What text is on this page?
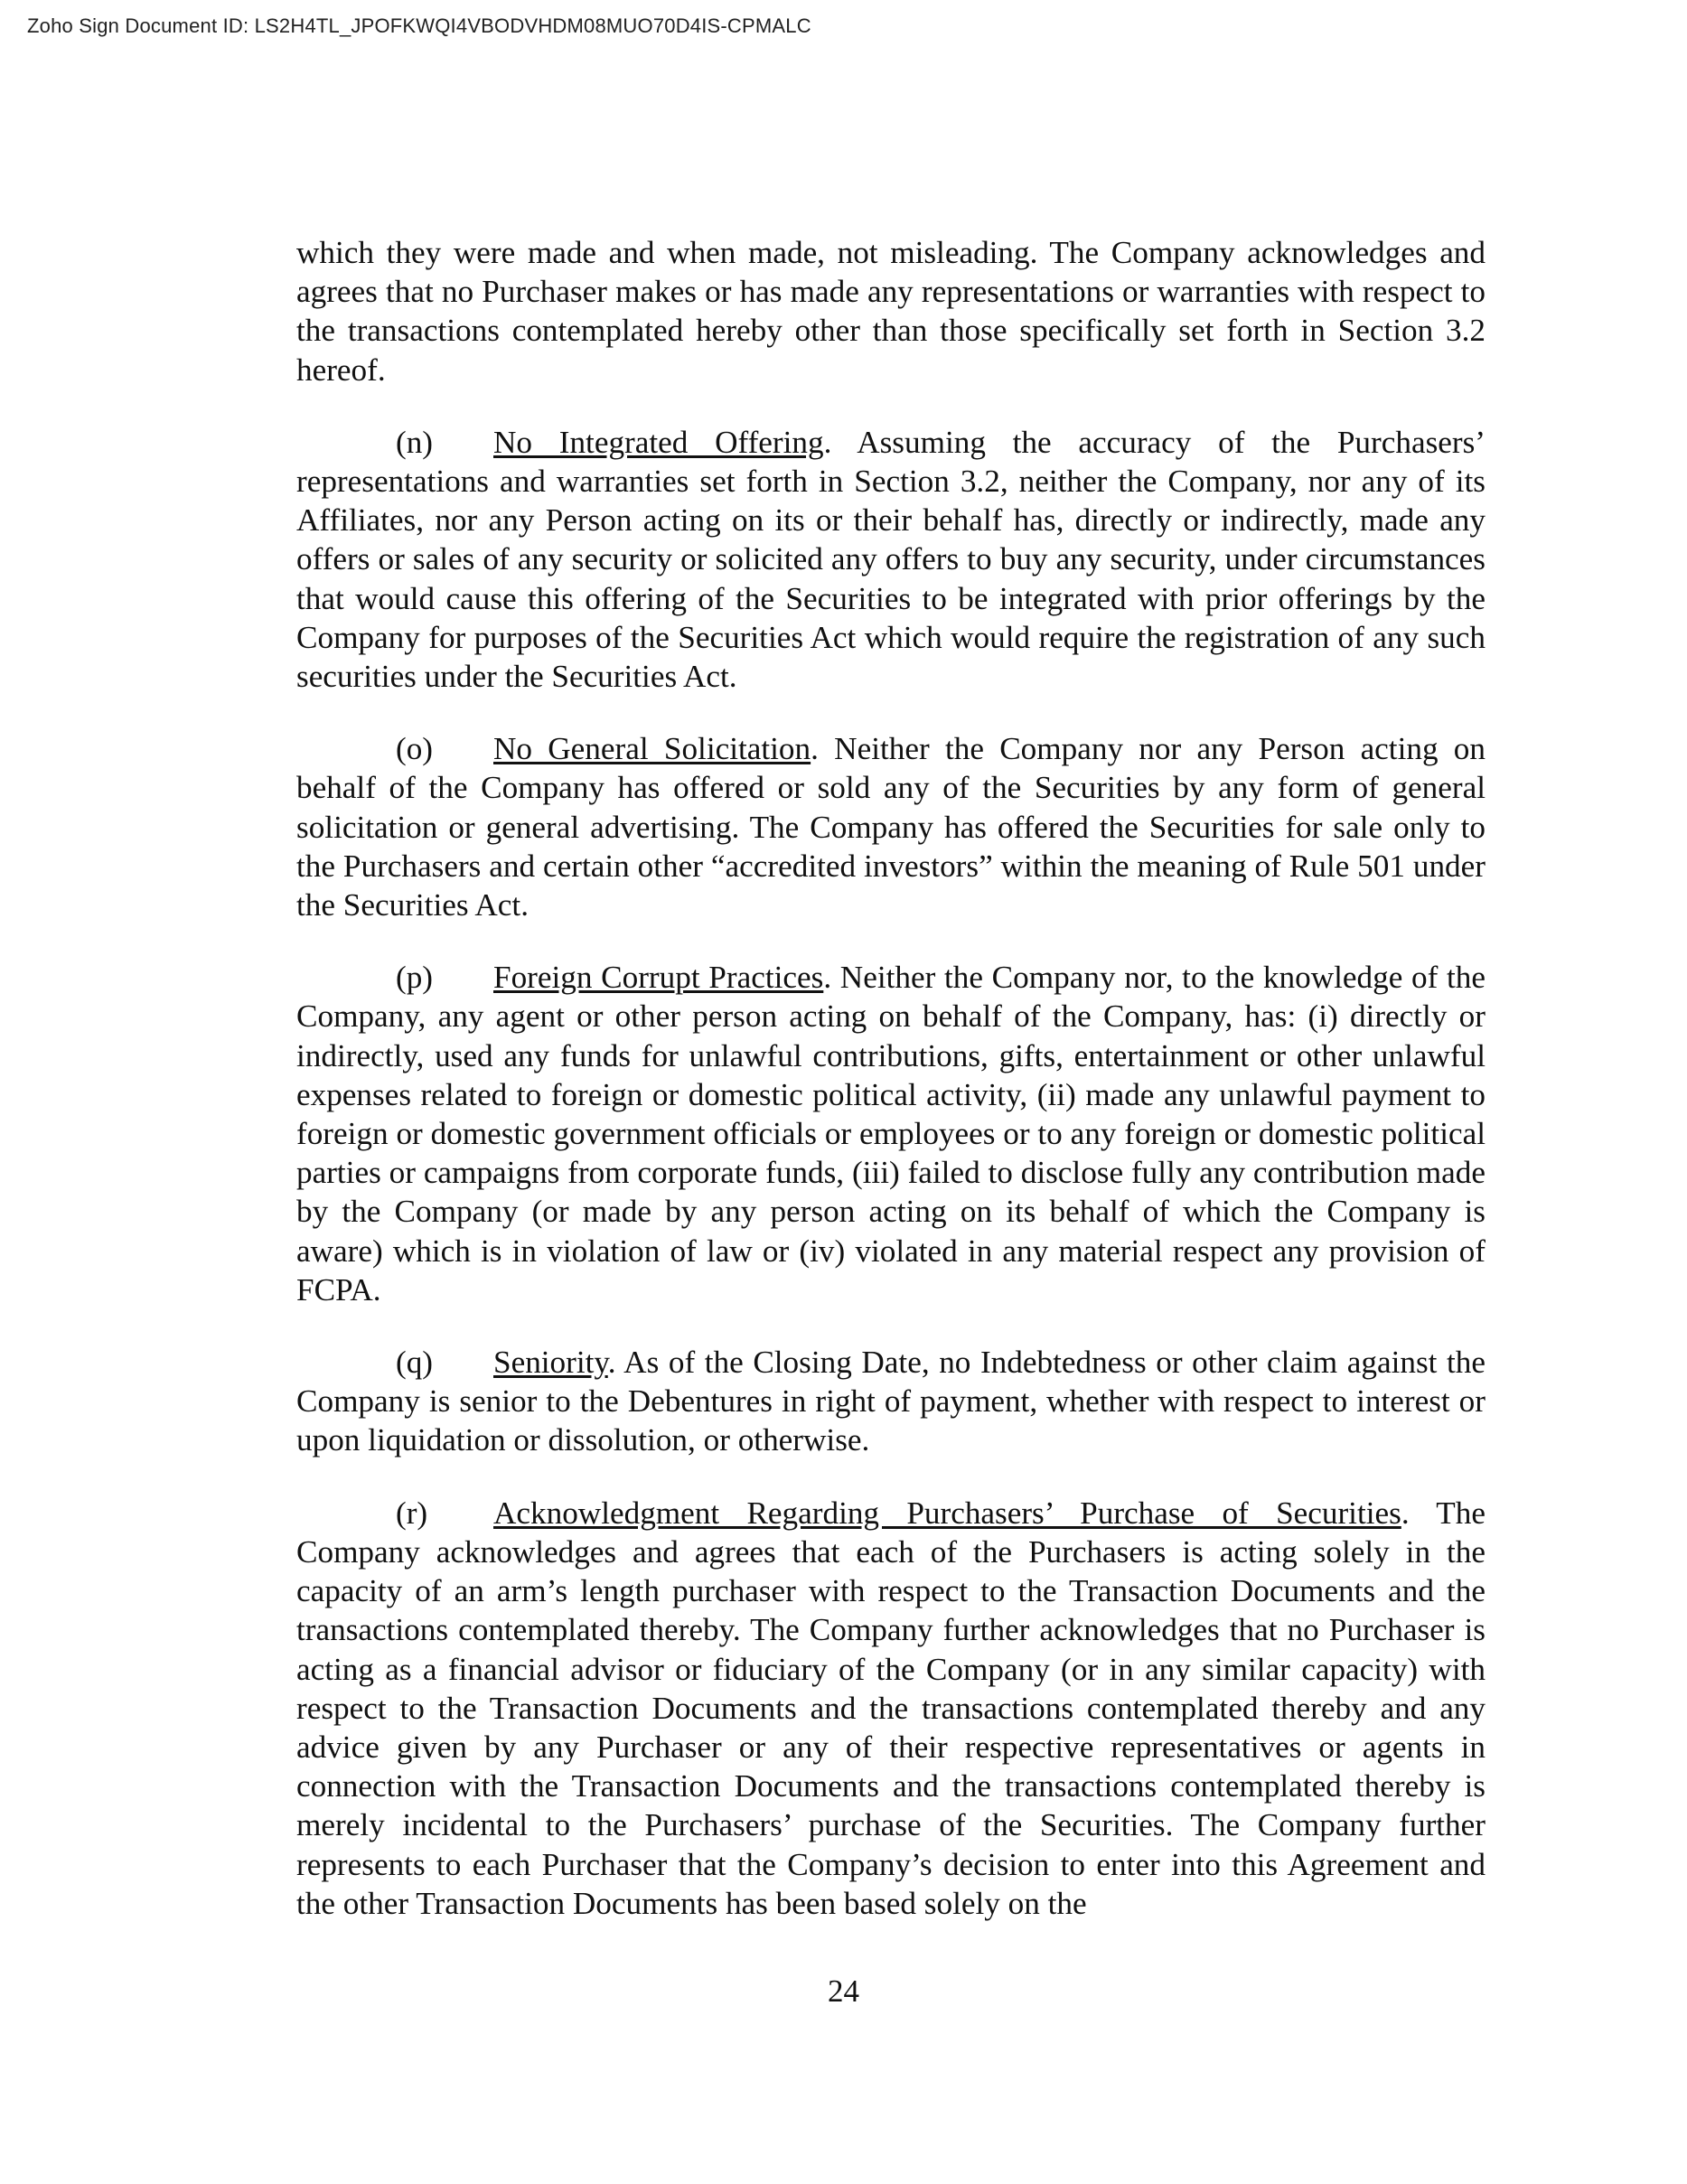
Zoho Sign Document ID: LS2H4TL_JPOFKWQI4VBODVHDM08MUO70D4IS-CPMALC

which they were made and when made, not misleading. The Company acknowledges and agrees that no Purchaser makes or has made any representations or warranties with respect to the transactions contemplated hereby other than those specifically set forth in Section 3.2 hereof.

(n) No Integrated Offering. Assuming the accuracy of the Purchasers’ representations and warranties set forth in Section 3.2, neither the Company, nor any of its Affiliates, nor any Person acting on its or their behalf has, directly or indirectly, made any offers or sales of any security or solicited any offers to buy any security, under circumstances that would cause this offering of the Securities to be integrated with prior offerings by the Company for purposes of the Securities Act which would require the registration of any such securities under the Securities Act.

(o) No General Solicitation. Neither the Company nor any Person acting on behalf of the Company has offered or sold any of the Securities by any form of general solicitation or general advertising. The Company has offered the Securities for sale only to the Purchasers and certain other “accredited investors” within the meaning of Rule 501 under the Securities Act.

(p) Foreign Corrupt Practices. Neither the Company nor, to the knowledge of the Company, any agent or other person acting on behalf of the Company, has: (i) directly or indirectly, used any funds for unlawful contributions, gifts, entertainment or other unlawful expenses related to foreign or domestic political activity, (ii) made any unlawful payment to foreign or domestic government officials or employees or to any foreign or domestic political parties or campaigns from corporate funds, (iii) failed to disclose fully any contribution made by the Company (or made by any person acting on its behalf of which the Company is aware) which is in violation of law or (iv) violated in any material respect any provision of FCPA.

(q) Seniority. As of the Closing Date, no Indebtedness or other claim against the Company is senior to the Debentures in right of payment, whether with respect to interest or upon liquidation or dissolution, or otherwise.

(r) Acknowledgment Regarding Purchasers’ Purchase of Securities. The Company acknowledges and agrees that each of the Purchasers is acting solely in the capacity of an arm’s length purchaser with respect to the Transaction Documents and the transactions contemplated thereby. The Company further acknowledges that no Purchaser is acting as a financial advisor or fiduciary of the Company (or in any similar capacity) with respect to the Transaction Documents and the transactions contemplated thereby and any advice given by any Purchaser or any of their respective representatives or agents in connection with the Transaction Documents and the transactions contemplated thereby is merely incidental to the Purchasers’ purchase of the Securities. The Company further represents to each Purchaser that the Company’s decision to enter into this Agreement and the other Transaction Documents has been based solely on the

24
